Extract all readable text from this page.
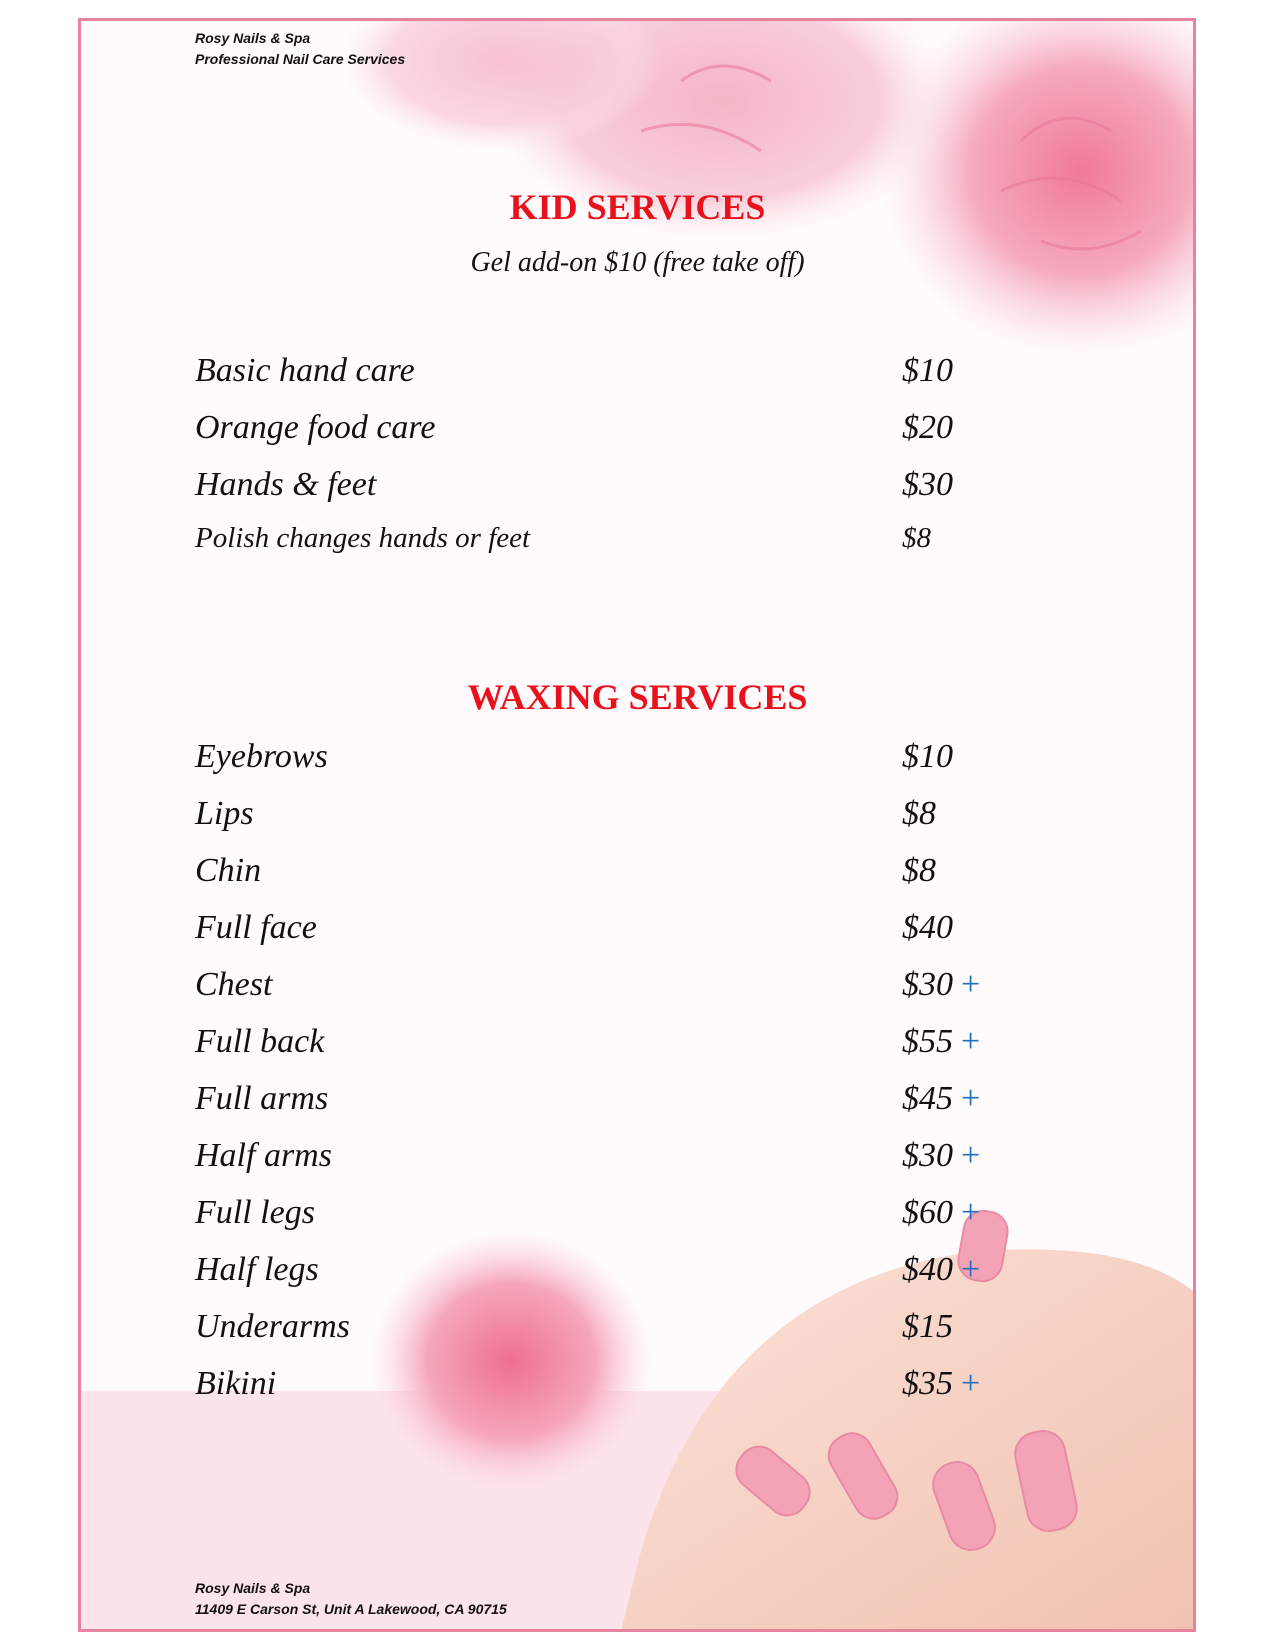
Rosy Nails & Spa
Professional Nail Care Services
KID SERVICES
Gel add-on $10 (free take off)
Basic hand care	$10
Orange food care	$20
Hands & feet	$30
Polish changes hands or feet	$8
WAXING SERVICES
Eyebrows	$10
Lips	$8
Chin	$8
Full face	$40
Chest	$30 +
Full back	$55 +
Full arms	$45 +
Half arms	$30 +
Full legs	$60 +
Half legs	$40 +
Underarms	$15
Bikini	$35 +
Rosy Nails & Spa
11409 E Carson St, Unit A Lakewood, CA 90715
